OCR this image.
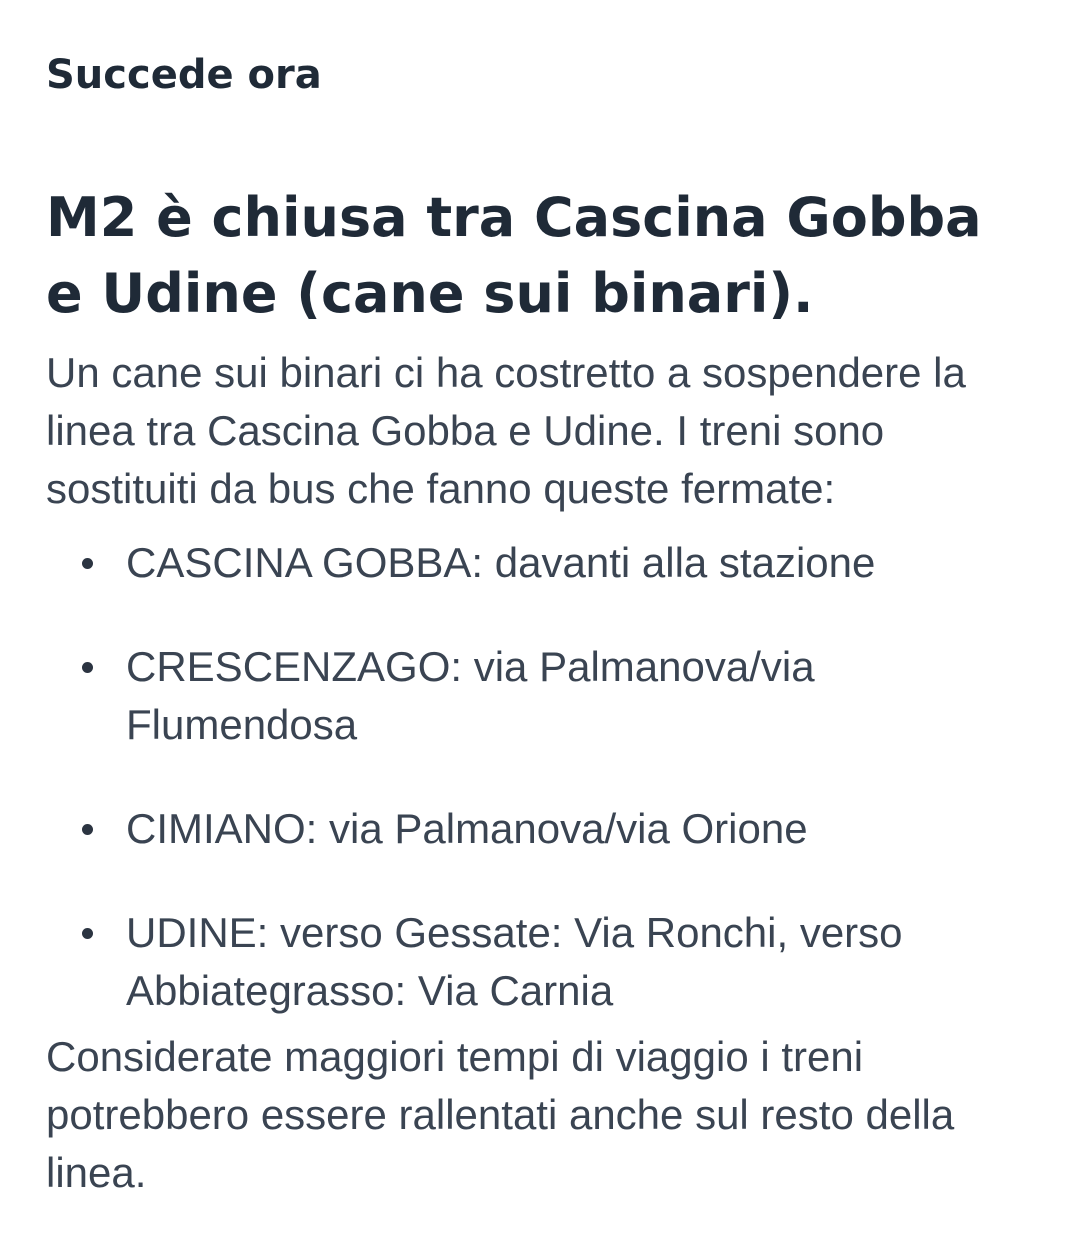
Succede ora
M2 è chiusa tra Cascina Gobba e Udine (cane sui binari).

Un cane sui binari ci ha costretto a sospendere la linea tra Cascina Gobba e Udine. I treni sono sostituiti da bus che fanno queste fermate:

CASCINA GOBBA: davanti alla stazione
CRESCENZAGO: via Palmanova/via Flumendosa
CIMIANO: via Palmanova/via Orione
UDINE: verso Gessate: Via Ronchi, verso Abbiategrasso: Via Carnia

Considerate maggiori tempi di viaggio i treni potrebbero essere rallentati anche sul resto della linea.
